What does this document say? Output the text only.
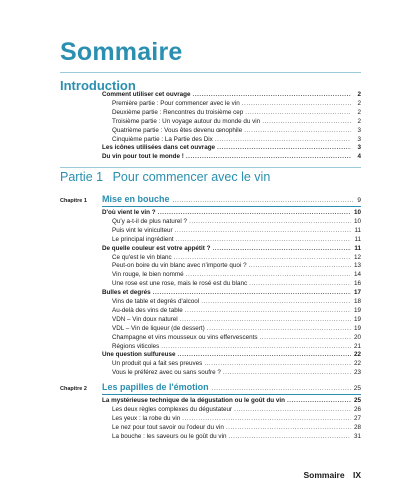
Sommaire
Introduction
Comment utiliser cet ouvrage . . .	2
Première partie : Pour commencer avec le vin . . .	2
Deuxième partie : Rencontres du troisième cep . . .	2
Troisième partie : Un voyage autour du monde du vin . . .	2
Quatrième partie : Vous êtes devenu œnophile . . .	3
Cinquième partie : La Partie des Dix . . .	3
Les icônes utilisées dans cet ouvrage . . .	3
Du vin pour tout le monde ! . . .	4
Partie 1 Pour commencer avec le vin
Chapitre 1	Mise en bouche . . .	9
D'où vient le vin ? . . .	10
Qu'y a-t-il de plus naturel ? . . .	10
Puis vint le viniculteur . . .	11
Le principal ingrédient . . .	11
De quelle couleur est votre appétit ? . . .	11
Ce qu'est le vin blanc . . .	12
Peut-on boire du vin blanc avec n'importe quoi ? . . .	13
Vin rouge, le bien nommé . . .	14
Une rose est une rose, mais le rosé est du blanc . . .	16
Bulles et degrés . . .	17
Vins de table et degrés d'alcool . . .	18
Au-delà des vins de table . . .	19
VDN – Vin doux naturel . . .	19
VDL – Vin de liqueur (de dessert) . . .	19
Champagne et vins mousseux ou vins effervescents . . .	20
Régions viticoles . . .	21
Une question sulfureuse . . .	22
Un produit qui a fait ses preuves . . .	22
Vous le préférez avec ou sans soufre ? . . .	23
Chapitre 2	Les papilles de l'émotion . . .	25
La mystérieuse technique de la dégustation ou le goût du vin . . .	25
Les deux règles complexes du dégustateur . . .	26
Les yeux : la robe du vin . . .	27
Le nez pour tout savoir ou l'odeur du vin . . .	28
La bouche : les saveurs ou le goût du vin . . .	31
Sommaire IX
